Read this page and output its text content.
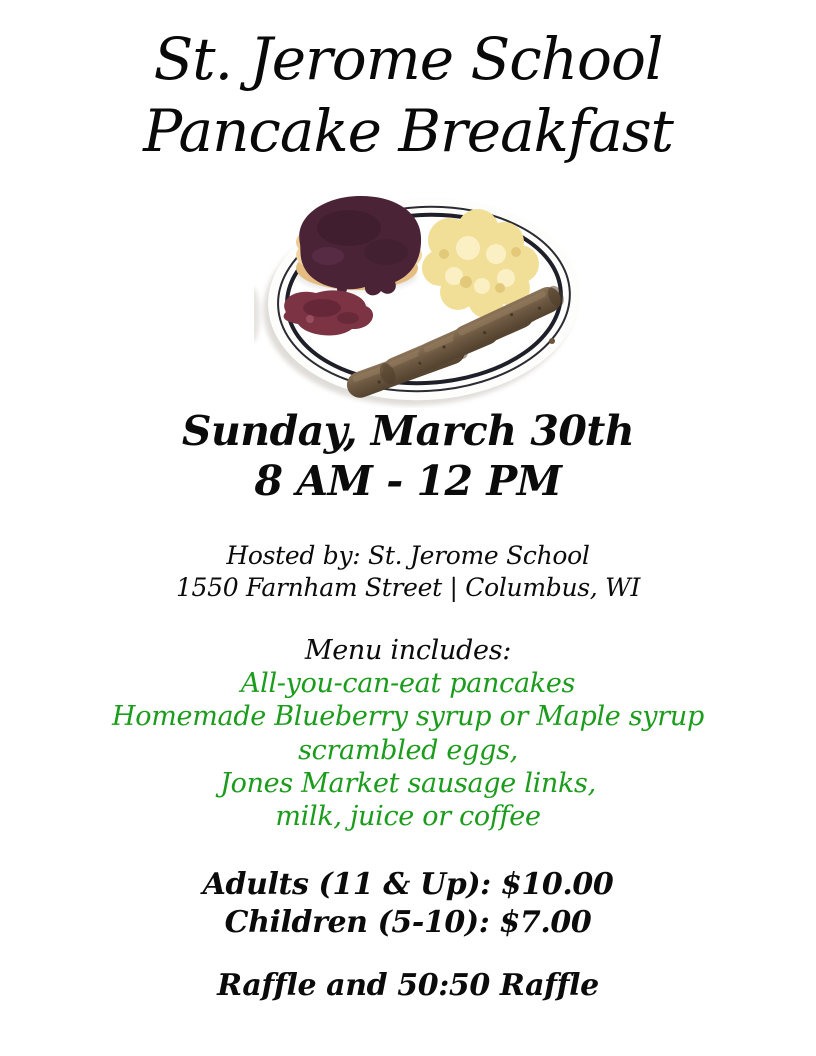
St. Jerome School
Pancake Breakfast
Sunday, March 30th
8 AM - 12 PM
Hosted by: St. Jerome School
1550 Farnham Street | Columbus, WI
Menu includes:
All-you-can-eat pancakes
Homemade Blueberry syrup or Maple syrup
scrambled eggs,
Jones Market sausage links,
milk, juice or coffee
Adults (11 & Up): $10.00
Children (5-10): $7.00
Raffle and 50:50 Raffle
